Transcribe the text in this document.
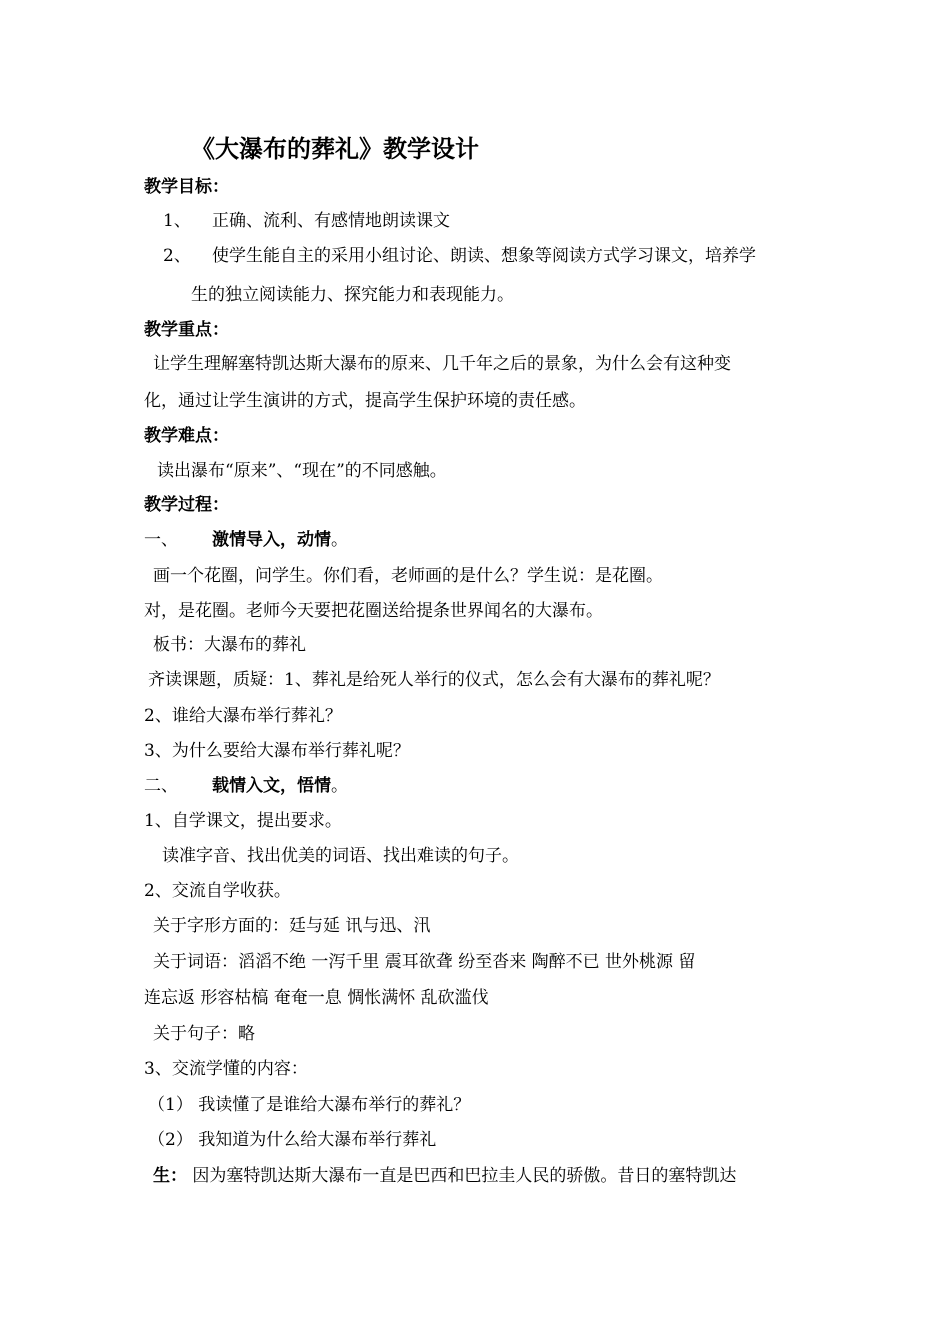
《大瀑布的葬礼》教学设计
教学目标：
1、 正确、流利、有感情地朗读课文
2、 使学生能自主的采用小组讨论、朗读、想象等阅读方式学习课文，培养学
生的独立阅读能力、探究能力和表现能力。
教学重点：
让学生理解塞特凯达斯大瀑布的原来、几千年之后的景象，为什么会有这种变
化，通过让学生演讲的方式，提高学生保护环境的责任感。
教学难点：
读出瀑布“原来”、“现在”的不同感触。
教学过程：
一、 激情导入，动情。
画一个花圈，问学生。你们看，老师画的是什么？学生说：是花圈。
对，是花圈。老师今天要把花圈送给提条世界闻名的大瀑布。
板书：大瀑布的葬礼
齐读课题，质疑：1、葬礼是给死人举行的仪式，怎么会有大瀑布的葬礼呢？
2、谁给大瀑布举行葬礼？
3、为什么要给大瀑布举行葬礼呢？
二、 载情入文，悟情。
1、自学课文，提出要求。
读准字音、找出优美的词语、找出难读的句子。
2、交流自学收获。
关于字形方面的：廷与延 讯与迅、汛
关于词语：滔滔不绝 一泻千里 震耳欲聋 纷至沓来 陶醉不已 世外桃源 留
连忘返 形容枯槁 奄奄一息 惆怅满怀 乱砍滥伐
关于句子：略
3、交流学懂的内容：
（1） 我读懂了是谁给大瀑布举行的葬礼？
（2） 我知道为什么给大瀑布举行葬礼
生： 因为塞特凯达斯大瀑布一直是巴西和巴拉圭人民的骄傲。昔日的塞特凯达
